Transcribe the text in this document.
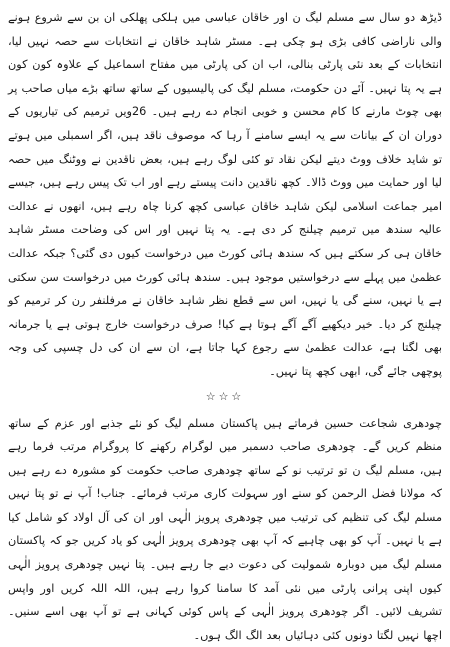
ڈیڑھ دو سال سے مسلم لیگ ن اور خاقان عباسی میں ہلکی پھلکی ان بن سے شروع ہونے والی ناراضی کافی بڑی ہو چکی ہے۔ مسٹر شاہد خاقان نے انتخابات سے حصہ نہیں لیا، انتخابات کے بعد نئی پارٹی بنالی، اب ان کی پارٹی میں مفتاح اسماعیل کے علاوہ کون کون ہے یہ پتا نہیں۔ آئے دن حکومت، مسلم لیگ کی پالیسیوں کے ساتھ ساتھ بڑے میاں صاحب پر بھی چوٹ مارنے کا کام محسن و خوبی انجام دے رہے ہیں۔ 26ویں ترمیم کی تیاریوں کے دوران ان کے بیانات سے یہ ایسے سامنے آ رہا کہ موصوف ناقد ہیں، اگر اسمبلی میں ہوتے تو شاید خلاف ووٹ دیتے لیکن نقاد تو کئی لوگ رہے ہیں، بعض ناقدین نے ووٹنگ میں حصہ لیا اور حمایت میں ووٹ ڈالا۔ کچھ ناقدین دانت پیستے رہے اور اب تک پیس رہے ہیں، جیسے امیر جماعت اسلامی لیکن شاہد خاقان عباسی کچھ کرنا چاہ رہے ہیں، انھوں نے عدالت عالیہ سندھ میں ترمیم چیلنج کر دی ہے۔ یہ پتا نہیں اور اس کی وضاحت مسٹر شاہد خاقان ہی کر سکتے ہیں کہ سندھ ہائی کورٹ میں درخواست کیوں دی گئی؟ جبکہ عدالت عظمیٰ میں پہلے سے درخواستیں موجود ہیں۔ سندھ ہائی کورٹ میں درخواست سن سکتی ہے یا نہیں، سنے گی یا نہیں، اس سے قطع نظر شاہد خاقان نے مرفلنفر رن کر ترمیم کو چیلنج کر دیا۔ خیر دیکھیے آگے آگے ہوتا ہے کیا! صرف درخواست خارج ہوتی ہے یا جرمانہ بھی لگتا ہے، عدالت عظمیٰ سے رجوع کہا جاتا ہے، ان سے ان کی دل چسپی کی وجہ پوچھی جائے گی، ابھی کچھ پتا نہیں۔

☆☆☆

چودھری شجاعت حسین فرماتے ہیں پاکستان مسلم لیگ کو نئے جذبے اور عزم کے ساتھ منظم کریں گے۔ چودھری صاحب دسمبر میں لوگرام رکھنے کا پروگرام مرتب فرما رہے ہیں، مسلم لیگ ن تو ترتیب نو کے ساتھ چودھری صاحب حکومت کو مشورہ دے رہے ہیں کہ مولانا فضل الرحمن کو سنے اور سہولت کاری مرتب فرمائے۔ جناب! آپ نے تو پتا نہیں مسلم لیگ کی تنظیم کی ترتیب میں چودھری پرویز الٰہی اور ان کی آل اولاد کو شامل کیا ہے یا نہیں۔ آپ کو بھی چاہیے کہ آپ بھی چودھری پرویز الٰہی کو یاد کریں جو کہ پاکستان مسلم لیگ میں دوبارہ شمولیت کی دعوت دیے جا رہے ہیں۔ پتا نہیں چودھری پرویز الٰہی کیوں اپنی پرانی پارٹی میں نئی آمد کا سامنا کروا رہے ہیں، اللہ اللہ کریں اور واپس تشریف لائیں۔ اگر چودھری پرویز الٰہی کے پاس کوئی کہانی ہے تو آپ بھی اسے سنیں۔ اچھا نہیں لگتا دونوں کئی دہائیاں بعد الگ الگ ہوں۔
